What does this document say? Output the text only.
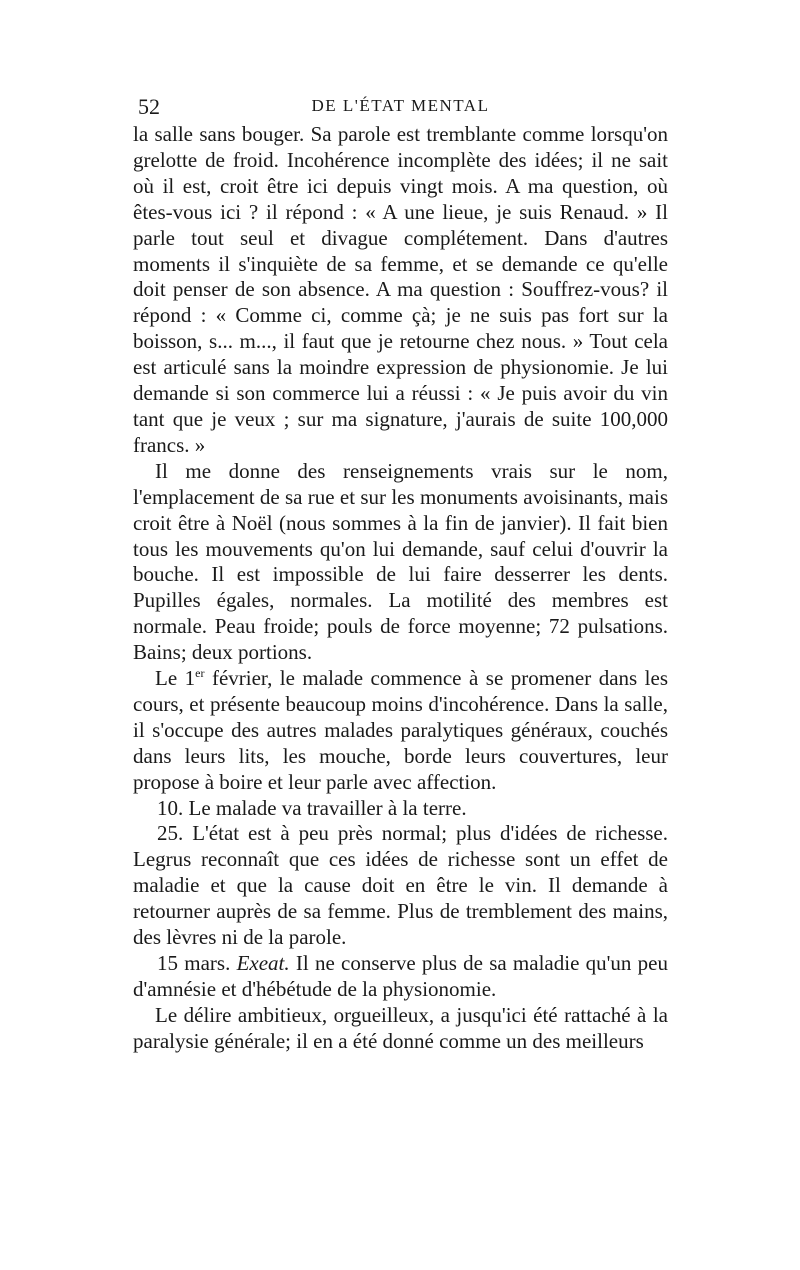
52	DE L'ÉTAT MENTAL

la salle sans bouger. Sa parole est tremblante comme lorsqu'on grelotte de froid. Incohérence incomplète des idées; il ne sait où il est, croit être ici depuis vingt mois. A ma question, où êtes-vous ici ? il répond : « A une lieue, je suis Renaud. » Il parle tout seul et divague complétement. Dans d'autres moments il s'inquiète de sa femme, et se demande ce qu'elle doit penser de son absence. A ma question : Souffrez-vous? il répond : « Comme ci, comme çà; je ne suis pas fort sur la boisson, s... m..., il faut que je retourne chez nous. » Tout cela est articulé sans la moindre expression de physionomie. Je lui demande si son commerce lui a réussi : « Je puis avoir du vin tant que je veux ; sur ma signature, j'aurais de suite 100,000 francs. »

Il me donne des renseignements vrais sur le nom, l'emplacement de sa rue et sur les monuments avoisinants, mais croit être à Noël (nous sommes à la fin de janvier). Il fait bien tous les mouvements qu'on lui demande, sauf celui d'ouvrir la bouche. Il est impossible de lui faire desserrer les dents. Pupilles égales, normales. La motilité des membres est normale. Peau froide; pouls de force moyenne; 72 pulsations. Bains; deux portions.

Le 1er février, le malade commence à se promener dans les cours, et présente beaucoup moins d'incohérence. Dans la salle, il s'occupe des autres malades paralytiques généraux, couchés dans leurs lits, les mouche, borde leurs couvertures, leur propose à boire et leur parle avec affection.

10. Le malade va travailler à la terre.

25. L'état est à peu près normal; plus d'idées de richesse. Legrus reconnaît que ces idées de richesse sont un effet de maladie et que la cause doit en être le vin. Il demande à retourner auprès de sa femme. Plus de tremblement des mains, des lèvres ni de la parole.

15 mars. Exeat. Il ne conserve plus de sa maladie qu'un peu d'amnésie et d'hébétude de la physionomie.

Le délire ambitieux, orgueilleux, a jusqu'ici été rattaché à la paralysie générale; il en a été donné comme un des meilleurs
